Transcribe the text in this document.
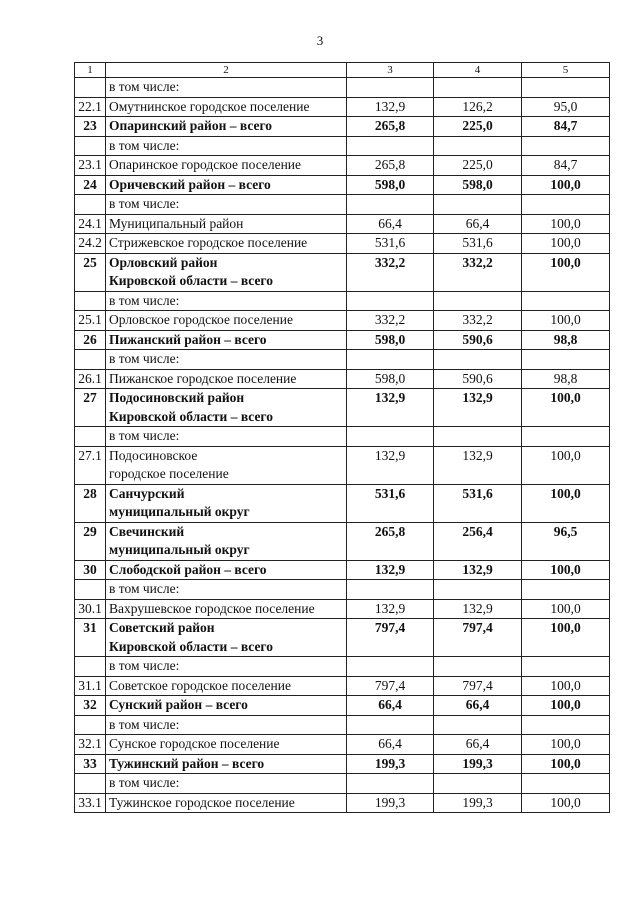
3
1	2	3	4	5

	в том числе:			

22.1	Омутнинское городское поселение	132,9	126,2	95,0
23	Опаринский район – всего	265,8	225,0	84,7

	в том числе:			

23.1	Опаринское городское поселение	265,8	225,0	84,7
24	Оричевский район – всего	598,0	598,0	100,0

	в том числе:			

24.1	Муниципальный район	66,4	66,4	100,0
24.2	Стрижевское городское поселение	531,6	531,6	100,0
25	Орловский район
Кировской области – всего	332,2	332,2	100,0

	в том числе:			

25.1	Орловское городское поселение	332,2	332,2	100,0
26	Пижанский район – всего	598,0	590,6	98,8

	в том числе:			

26.1	Пижанское городское поселение	598,0	590,6	98,8
27	Подосиновский район
Кировской области – всего	132,9	132,9	100,0

	в том числе:			

27.1	Подосиновское
городское поселение	132,9	132,9	100,0
28	Санчурский
муниципальный округ	531,6	531,6	100,0
29	Свечинский
муниципальный округ	265,8	256,4	96,5
30	Слободской район – всего	132,9	132,9	100,0

	в том числе:			

30.1	Вахрушевское городское поселение	132,9	132,9	100,0
31	Советский район
Кировской области – всего	797,4	797,4	100,0

	в том числе:			

31.1	Советское городское поселение	797,4	797,4	100,0
32	Сунский район – всего	66,4	66,4	100,0

	в том числе:			

32.1	Сунское городское поселение	66,4	66,4	100,0
33	Тужинский район – всего	199,3	199,3	100,0

	в том числе:			

33.1	Тужинское городское поселение	199,3	199,3	100,0
